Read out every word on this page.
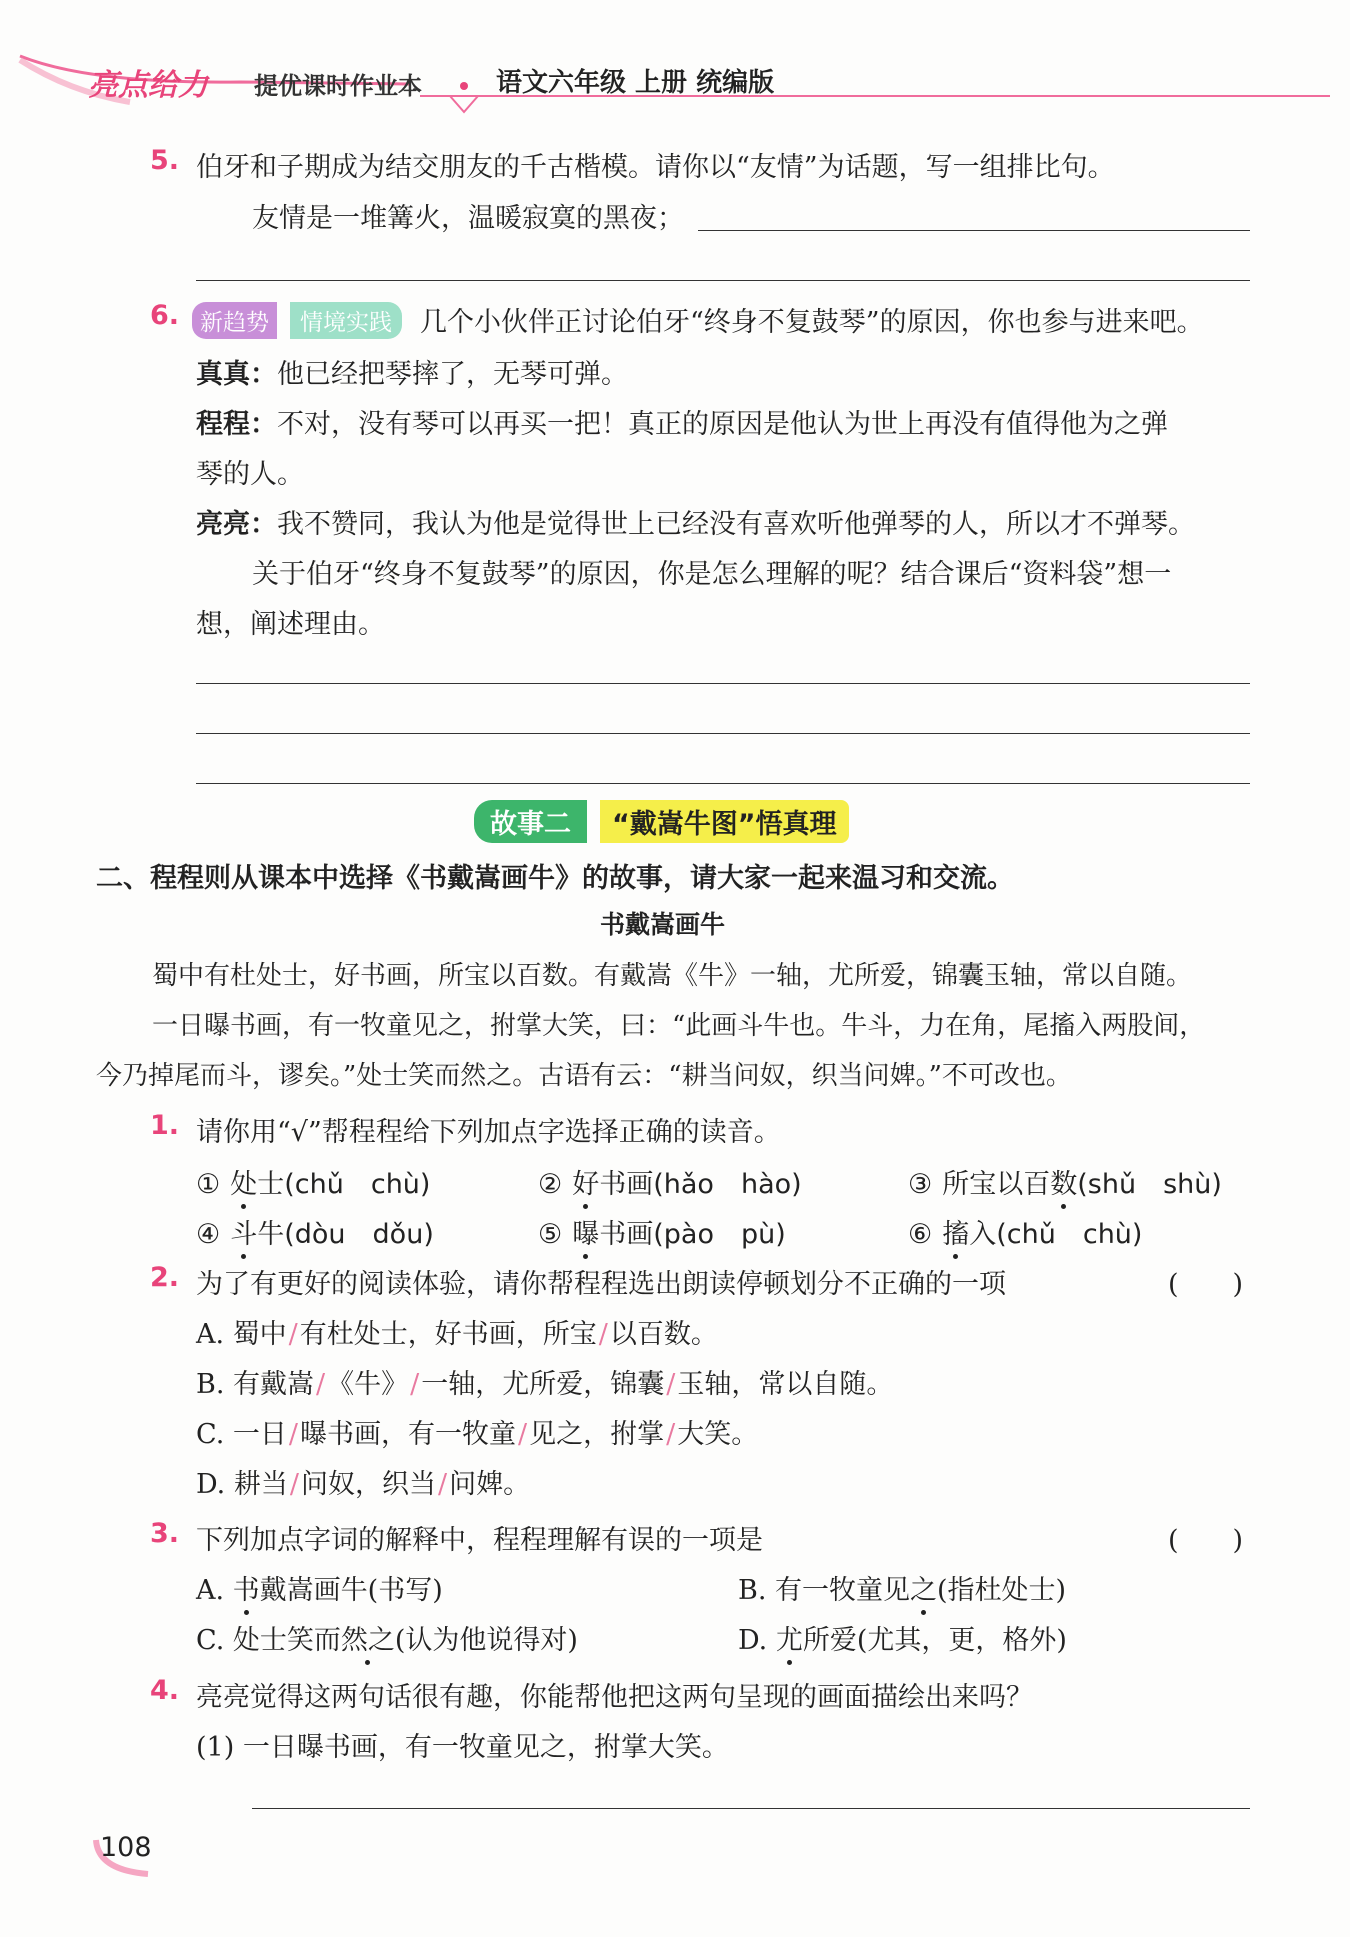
亮点给力 提优课时作业本	语文六年级 上册 统编版
5. 伯牙和子期成为结交朋友的千古楷模。请你以“友情”为话题，写一组排比句。
友情是一堆篝火，温暖寂寞的黑夜；
6. 新趋势	情境实践	几个小伙伴正讨论伯牙“终身不复鼓琴”的原因，你也参与进来吧。
真真：他已经把琴摔了，无琴可弹。
程程：不对，没有琴可以再买一把！真正的原因是他认为世上再没有值得他为之弹
琴的人。
亮亮：我不赞同，我认为他是觉得世上已经没有喜欢听他弹琴的人，所以才不弹琴。
关于伯牙“终身不复鼓琴”的原因，你是怎么理解的呢？结合课后“资料袋”想一
想，阐述理由。
故事二	“戴嵩牛图”悟真理
二、程程则从课本中选择《书戴嵩画牛》的故事，请大家一起来温习和交流。
书戴嵩画牛
蜀中有杜处士，好书画，所宝以百数。有戴嵩《牛》一轴，尤所爱，锦囊玉轴，常以自随。
一日曝书画，有一牧童见之，拊掌大笑，曰：“此画斗牛也。牛斗，力在角，尾搐入两股间，
今乃掉尾而斗，谬矣。”处士笑而然之。古语有云：“耕当问奴，织当问婢。”不可改也。
1. 请你用“√”帮程程给下列加点字选择正确的读音。
① 处士(chǔ  chù)	② 好书画(hǎo  hào)	③ 所宝以百数(shǔ  shù)
④ 斗牛(dòu  dǒu)	⑤ 曝书画(pào  pù)	⑥ 搐入(chǔ  chù)
2. 为了有更好的阅读体验，请你帮程程选出朗读停顿划分不正确的一项	(　　)
A. 蜀中/有杜处士，好书画，所宝/以百数。
B. 有戴嵩/《牛》/一轴，尤所爱，锦囊/玉轴，常以自随。
C. 一日/曝书画，有一牧童/见之，拊掌/大笑。
D. 耕当/问奴，织当/问婢。
3. 下列加点字词的解释中，程程理解有误的一项是	(　　)
A. 书戴嵩画牛(书写)	B. 有一牧童见之(指杜处士)
C. 处士笑而然之(认为他说得对)	D. 尤所爱(尤其，更，格外)
4. 亮亮觉得这两句话很有趣，你能帮他把这两句呈现的画面描绘出来吗？
(1) 一日曝书画，有一牧童见之，拊掌大笑。
108
